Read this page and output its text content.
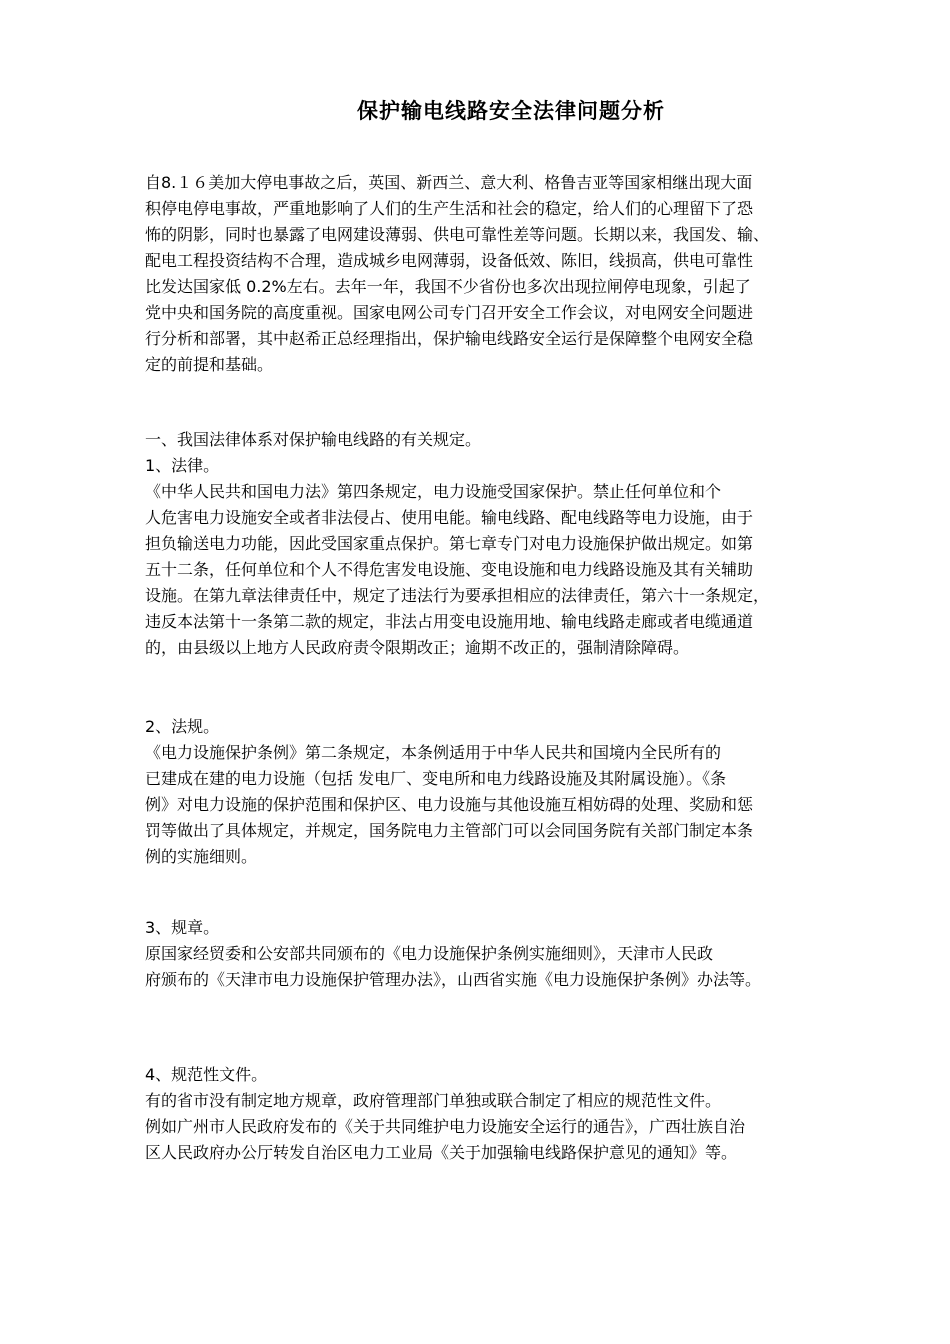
保护输电线路安全法律问题分析

自8.１６美加大停电事故之后，英国、新西兰、意大利、格鲁吉亚等国家相继出现大面
积停电停电事故，严重地影响了人们的生产生活和社会的稳定，给人们的心理留下了恐
怖的阴影，同时也暴露了电网建设薄弱、供电可靠性差等问题。长期以来，我国发、输、
配电工程投资结构不合理，造成城乡电网薄弱，设备低效、陈旧，线损高，供电可靠性
比发达国家低 0.2%左右。去年一年，我国不少省份也多次出现拉闸停电现象，引起了
党中央和国务院的高度重视。国家电网公司专门召开安全工作会议，对电网安全问题进
行分析和部署，其中赵希正总经理指出，保护输电线路安全运行是保障整个电网安全稳
定的前提和基础。

一、我国法律体系对保护输电线路的有关规定。
1、法律。
《中华人民共和国电力法》第四条规定，电力设施受国家保护。禁止任何单位和个
人危害电力设施安全或者非法侵占、使用电能。输电线路、配电线路等电力设施，由于
担负输送电力功能，因此受国家重点保护。第七章专门对电力设施保护做出规定。如第
五十二条，任何单位和个人不得危害发电设施、变电设施和电力线路设施及其有关辅助
设施。在第九章法律责任中，规定了违法行为要承担相应的法律责任，第六十一条规定，
违反本法第十一条第二款的规定，非法占用变电设施用地、输电线路走廊或者电缆通道
的，由县级以上地方人民政府责令限期改正；逾期不改正的，强制清除障碍。

2、法规。
《电力设施保护条例》第二条规定，本条例适用于中华人民共和国境内全民所有的
已建成在建的电力设施（包括 发电厂、变电所和电力线路设施及其附属设施）。《条
例》对电力设施的保护范围和保护区、电力设施与其他设施互相妨碍的处理、奖励和惩
罚等做出了具体规定，并规定，国务院电力主管部门可以会同国务院有关部门制定本条
例的实施细则。

3、规章。
原国家经贸委和公安部共同颁布的《电力设施保护条例实施细则》，天津市人民政
府颁布的《天津市电力设施保护管理办法》，山西省实施《电力设施保护条例》办法等。

4、规范性文件。
有的省市没有制定地方规章，政府管理部门单独或联合制定了相应的规范性文件。
例如广州市人民政府发布的《关于共同维护电力设施安全运行的通告》，广西壮族自治
区人民政府办公厅转发自治区电力工业局《关于加强输电线路保护意见的通知》等。
